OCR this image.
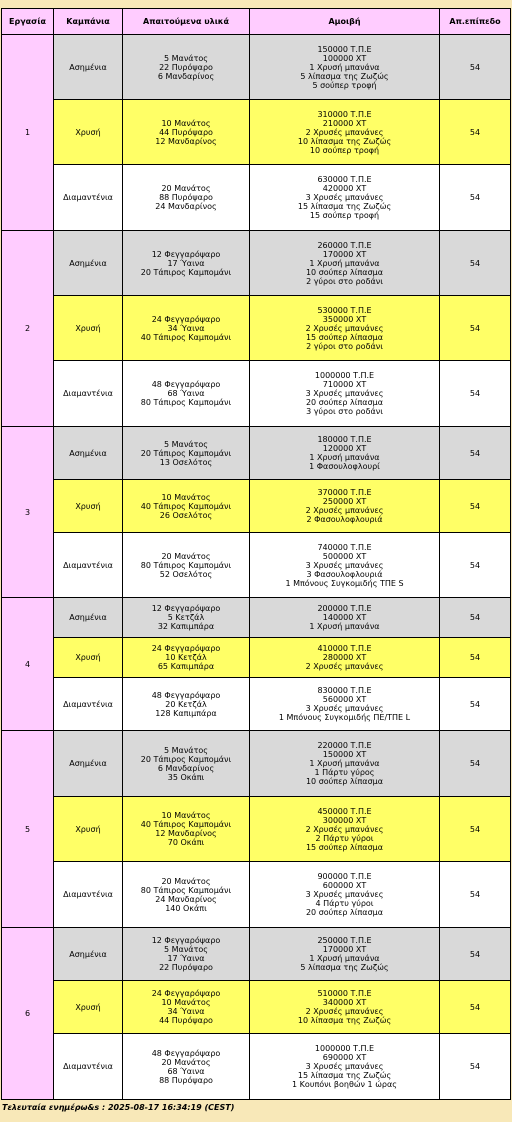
Εργασία	Καμπάνια	Απαιτούμενα υλικά	Αμοιβή	Απ.επίπεδο
1	Ασημένια	5 Μανάτος
22 Πυρόψαρο
6 Μανδαρίνος	150000 Τ.Π.Ε
100000 ΧΤ
1 Χρυσή μπανάνα
5 λίπασμα της Ζωζώς
5 σούπερ τροφή	54
	Χρυσή	10 Μανάτος
44 Πυρόψαρο
12 Μανδαρίνος	310000 Τ.Π.Ε
210000 ΧΤ
2 Χρυσές μπανάνες
10 λίπασμα της Ζωζώς
10 σούπερ τροφή	54
	Διαμαντένια	20 Μανάτος
88 Πυρόψαρο
24 Μανδαρίνος	630000 Τ.Π.Ε
420000 ΧΤ
3 Χρυσές μπανάνες
15 λίπασμα της Ζωζώς
15 σούπερ τροφή	54
2	Ασημένια	12 Φεγγαρόψαρο
17 Ύαινα
20 Τάπιρος Καμπομάνι	260000 Τ.Π.Ε
170000 ΧΤ
1 Χρυσή μπανάνα
10 σούπερ λίπασμα
2 γύροι στο ροδάνι	54
	Χρυσή	24 Φεγγαρόψαρο
34 Ύαινα
40 Τάπιρος Καμπομάνι	530000 Τ.Π.Ε
350000 ΧΤ
2 Χρυσές μπανάνες
15 σούπερ λίπασμα
2 γύροι στο ροδάνι	54
	Διαμαντένια	48 Φεγγαρόψαρο
68 Ύαινα
80 Τάπιρος Καμπομάνι	1000000 Τ.Π.Ε
710000 ΧΤ
3 Χρυσές μπανάνες
20 σούπερ λίπασμα
3 γύροι στο ροδάνι	54
3	Ασημένια	5 Μανάτος
20 Τάπιρος Καμπομάνι
13 Οσελότος	180000 Τ.Π.Ε
120000 ΧΤ
1 Χρυσή μπανάνα
1 Φασουλοφλουρί	54
	Χρυσή	10 Μανάτος
40 Τάπιρος Καμπομάνι
26 Οσελότος	370000 Τ.Π.Ε
250000 ΧΤ
2 Χρυσές μπανάνες
2 Φασουλοφλουριά	54
	Διαμαντένια	20 Μανάτος
80 Τάπιρος Καμπομάνι
52 Οσελότος	740000 Τ.Π.Ε
500000 ΧΤ
3 Χρυσές μπανάνες
3 Φασουλοφλουριά
1 Μπόνους Συγκομιδής ΤΠΕ S	54
4	Ασημένια	12 Φεγγαρόψαρο
5 Κετζάλ
32 Καπιμπάρα	200000 Τ.Π.Ε
140000 ΧΤ
1 Χρυσή μπανάνα	54
	Χρυσή	24 Φεγγαρόψαρο
10 Κετζάλ
65 Καπιμπάρα	410000 Τ.Π.Ε
280000 ΧΤ
2 Χρυσές μπανάνες	54
	Διαμαντένια	48 Φεγγαρόψαρο
20 Κετζάλ
128 Καπιμπάρα	830000 Τ.Π.Ε
560000 ΧΤ
3 Χρυσές μπανάνες
1 Μπόνους Συγκομιδής ΠΕ/ΤΠΕ L	54
5	Ασημένια	5 Μανάτος
20 Τάπιρος Καμπομάνι
6 Μανδαρίνος
35 Οκάπι	220000 Τ.Π.Ε
150000 ΧΤ
1 Χρυσή μπανάνα
1 Πάρτυ γύρος
10 σούπερ λίπασμα	54
	Χρυσή	10 Μανάτος
40 Τάπιρος Καμπομάνι
12 Μανδαρίνος
70 Οκάπι	450000 Τ.Π.Ε
300000 ΧΤ
2 Χρυσές μπανάνες
2 Πάρτυ γύροι
15 σούπερ λίπασμα	54
	Διαμαντένια	20 Μανάτος
80 Τάπιρος Καμπομάνι
24 Μανδαρίνος
140 Οκάπι	900000 Τ.Π.Ε
600000 ΧΤ
3 Χρυσές μπανάνες
4 Πάρτυ γύροι
20 σούπερ λίπασμα	54
6	Ασημένια	12 Φεγγαρόψαρο
5 Μανάτος
17 Ύαινα
22 Πυρόψαρο	250000 Τ.Π.Ε
170000 ΧΤ
1 Χρυσή μπανάνα
5 λίπασμα της Ζωζώς	54
	Χρυσή	24 Φεγγαρόψαρο
10 Μανάτος
34 Ύαινα
44 Πυρόψαρο	510000 Τ.Π.Ε
340000 ΧΤ
2 Χρυσές μπανάνες
10 λίπασμα της Ζωζώς	54
	Διαμαντένια	48 Φεγγαρόψαρο
20 Μανάτος
68 Ύαινα
88 Πυρόψαρο	1000000 Τ.Π.Ε
690000 ΧΤ
3 Χρυσές μπανάνες
15 λίπασμα της Ζωζώς
1 Κουπόνι βοηθών 1 ώρας	54
Τελευταία ενημέρω&s : 2025-08-17 16:34:19 (CEST)
